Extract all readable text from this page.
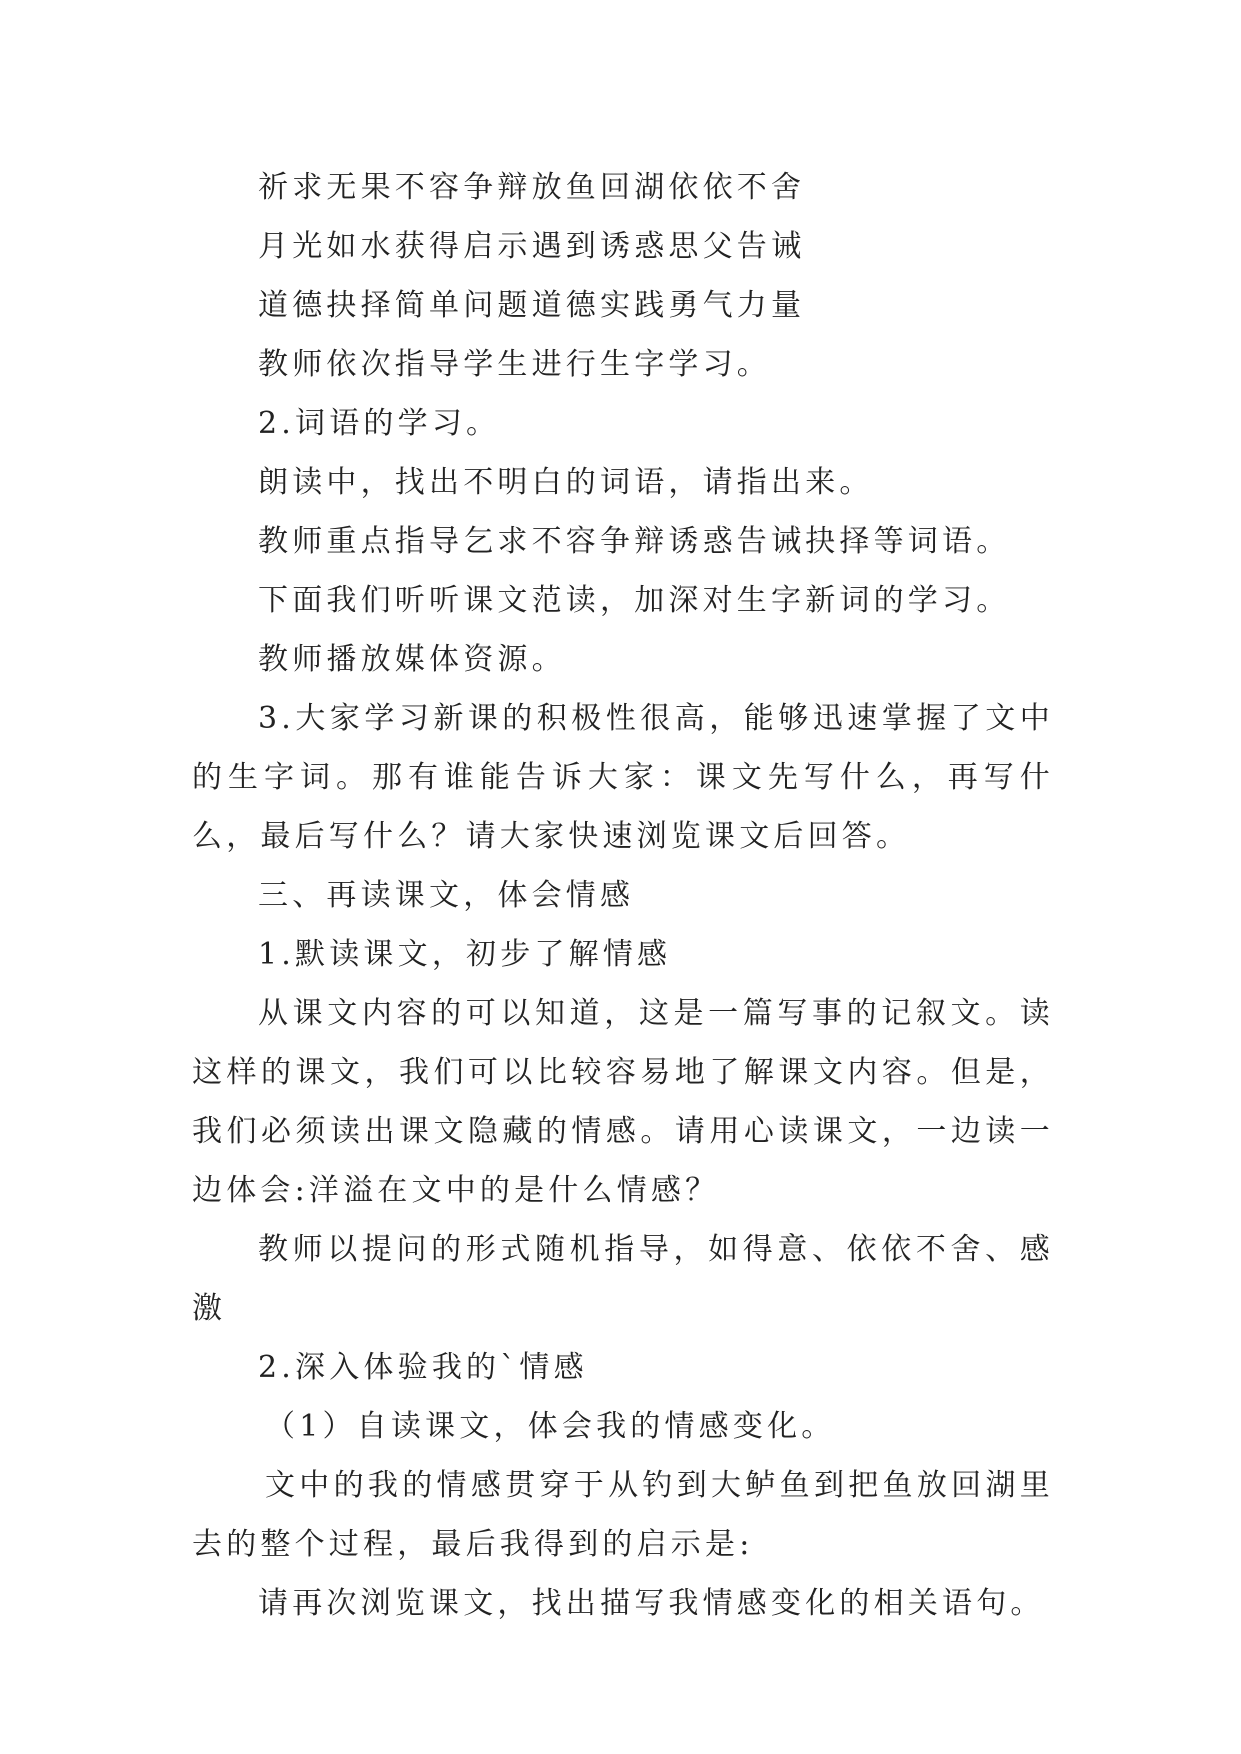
祈求无果不容争辩放鱼回湖依依不舍

月光如水获得启示遇到诱惑思父告诫

道德抉择简单问题道德实践勇气力量

教师依次指导学生进行生字学习。

2.词语的学习。

朗读中，找出不明白的词语，请指出来。

教师重点指导乞求不容争辩诱惑告诫抉择等词语。

下面我们听听课文范读，加深对生字新词的学习。

教师播放媒体资源。

3.大家学习新课的积极性很高，能够迅速掌握了文中的生字词。那有谁能告诉大家：课文先写什么，再写什么，最后写什么？请大家快速浏览课文后回答。

三、再读课文，体会情感

1.默读课文，初步了解情感

从课文内容的可以知道，这是一篇写事的记叙文。读这样的课文，我们可以比较容易地了解课文内容。但是，我们必须读出课文隐藏的情感。请用心读课文，一边读一边体会:洋溢在文中的是什么情感？

教师以提问的形式随机指导，如得意、依依不舍、感激

2.深入体验我的`情感

（1）自读课文，体会我的情感变化。

文中的我的情感贯穿于从钓到大鲈鱼到把鱼放回湖里去的整个过程，最后我得到的启示是:

请再次浏览课文，找出描写我情感变化的相关语句。
